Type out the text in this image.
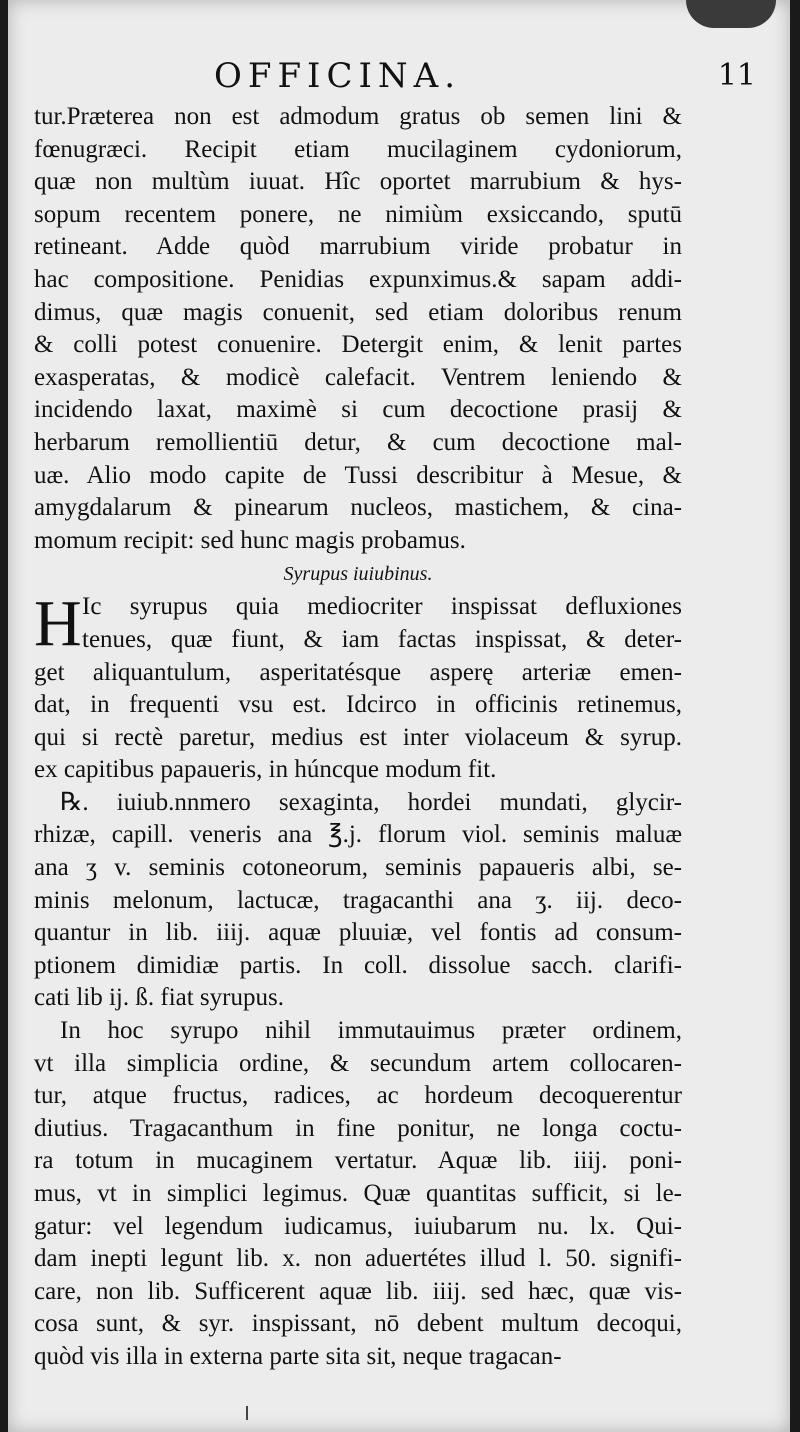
OFFICINA.	11
tur.Præterea non est admodum gratus ob semen lini &
fœnugræci. Recipit etiam mucilaginem cydoniorum,
quæ non multùm iuuat. Hîc oportet marrubium & hys-
sopum recentem ponere, ne nimiùm exsiccando, sputū
retineant. Adde quòd marrubium viride probatur in
hac compositione. Penidias expunximus.& sapam addi-
dimus, quæ magis conuenit, sed etiam doloribus renum
& colli potest conuenire. Detergit enim, & lenit partes
exasperatas, & modicè calefacit. Ventrem leniendo &
incidendo laxat, maximè si cum decoctione prasij &
herbarum remollientiū detur, & cum decoctione mal-
uæ. Alio modo capite de Tussi describitur à Mesue, &
amygdalarum & pinearum nucleos, mastichem, & cina-
momum recipit: sed hunc magis probamus.
Syrupus iuiubinus.
H Ic syrupus quia mediocriter inspissat defluxiones
tenues, quæ fiunt, & iam factas inspissat, & deter-
get aliquantulum, asperitatésque asperę arteriæ emen-
dat, in frequenti vsu est. Idcirco in officinis retinemus,
qui si rectè paretur, medius est inter violaceum & syrup.
ex capitibus papaueris, in húncque modum fit.
℞. iuiub.nnmero sexaginta, hordei mundati, glycir-
rhizæ, capill. veneris ana ℥.j. florum viol. seminis maluæ
ana ʒ v. seminis cotoneorum, seminis papaueris albi, se-
minis melonum, lactucæ, tragacanthi ana ʒ. iij. deco-
quantur in lib. iiij. aquæ pluuiæ, vel fontis ad consum-
ptionem dimidiæ partis. In coll. dissolue sacch. clarifi-
cati lib ij. ß. fiat syrupus.
In hoc syrupo nihil immutauimus præter ordinem,
vt illa simplicia ordine, & secundum artem collocaren-
tur, atque fructus, radices, ac hordeum decoquerentur
diutius. Tragacanthum in fine ponitur, ne longa coctu-
ra totum in mucaginem vertatur. Aquæ lib. iiij. poni-
mus, vt in simplici legimus. Quæ quantitas sufficit, si le-
gatur: vel legendum iudicamus, iuiubarum nu. lx. Qui-
dam inepti legunt lib. x. non aduertétes illud l. 50. signifi-
care, non lib. Sufficerent aquæ lib. iiij. sed hæc, quæ vis-
cosa sunt, & syr. inspissant, nō debent multum decoqui,
quòd vis illa in externa parte sita sit, neque tragacan-
